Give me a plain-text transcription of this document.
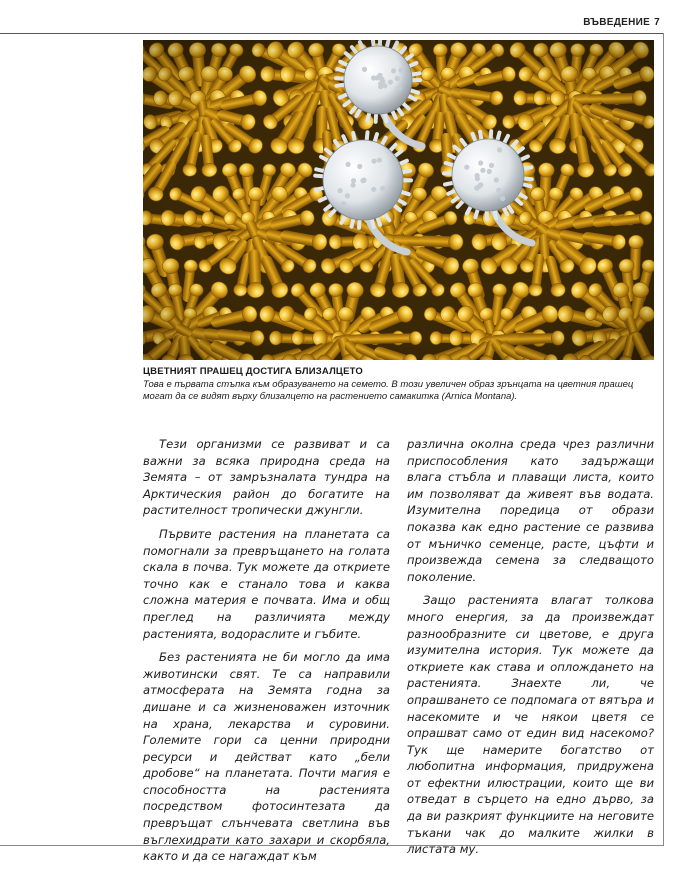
ВЪВЕДЕНИЕ 7

ЦВЕТНИЯТ ПРАШЕЦ ДОСТИГА БЛИЗАЛЦЕТО

Това е първата стъпка към образуването на семето. В този увеличен образ зрънцата на цветния прашец могат да се видят върху близалцето на растението самакитка (Arnica Montana).

Тези организми се развиват и са важни за всяка природна среда на Земята – от замръзналата тундра на Арктическия район до богатите на растителност тропически джунгли.

Първите растения на планетата са помогнали за превръщането на голата скала в почва. Тук можете да откриете точно как е станало това и каква сложна материя е почвата. Има и общ преглед на различията между растенията, водораслите и гъбите.

Без растенията не би могло да има животински свят. Те са направили атмосферата на Земята годна за дишане и са жизненоважен източник на храна, лекарства и суровини. Големите гори са ценни природни ресурси и действат като „бели дробове“ на планетата. Почти магия е способността на растенията посредством фотосинтезата да превръщат слънчевата светлина във въглехидрати като захари и скорбяла, както и да се нагаждат към

различна околна среда чрез различни приспособления като задържащи влага стъбла и плаващи листа, които им позволяват да живеят във водата. Изумителна поредица от образи показва как едно растение се развива от мъничко семенце, расте, цъфти и произвежда семена за следващото поколение.

Защо растенията влагат толкова много енергия, за да произвеждат разнообразните си цветове, е друга изумителна история. Тук можете да откриете как става и оплождането на растенията. Знаехте ли, че опрашването се подпомага от вятъра и насекомите и че някои цветя се опрашват само от един вид насекомо? Тук ще намерите богатство от любопитна информация, придружена от ефектни илюстрации, които ще ви отведат в сърцето на едно дърво, за да ви разкрият функциите на неговите тъкани чак до малките жилки в листата му.
